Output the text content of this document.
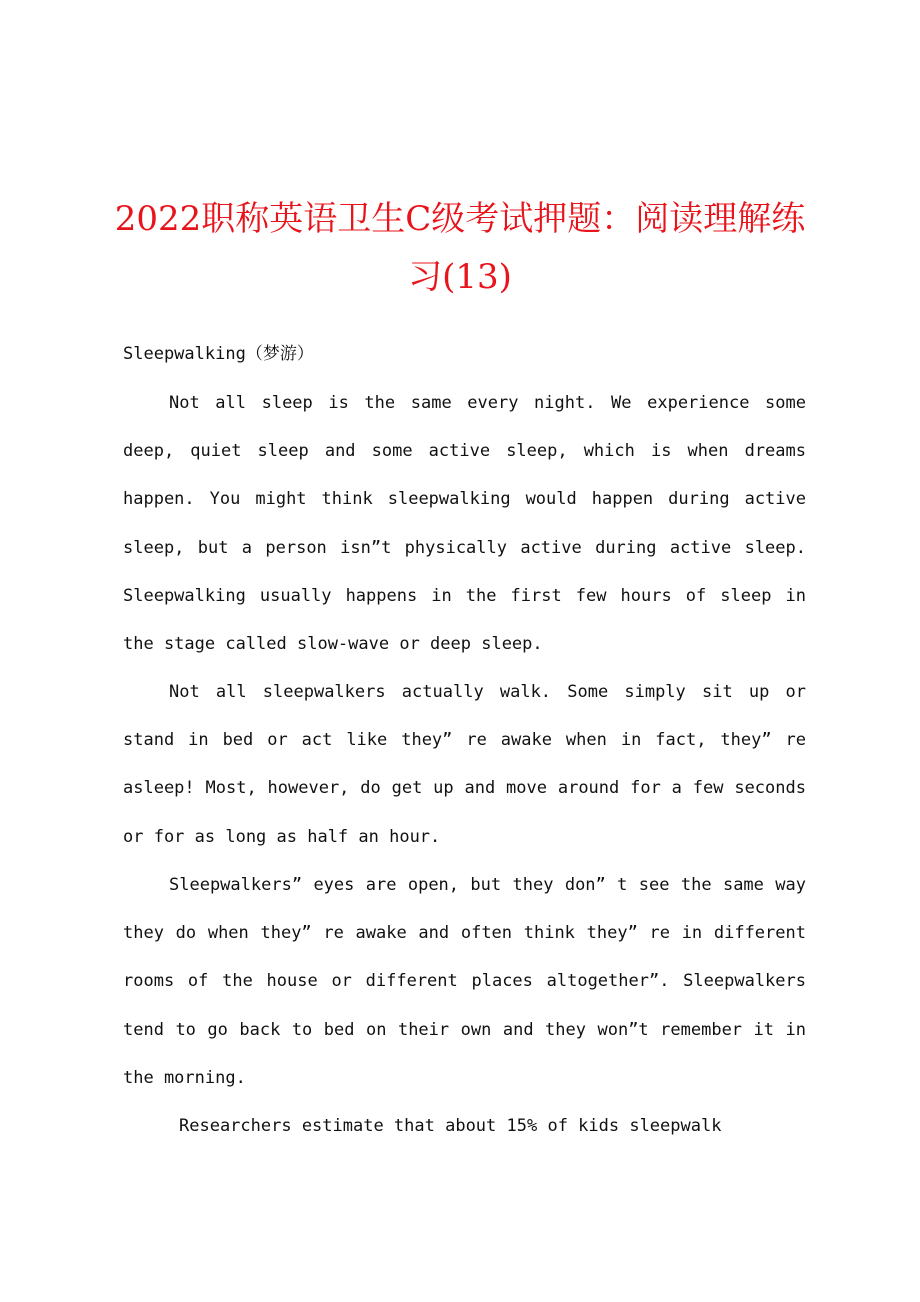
2022职称英语卫生C级考试押题：阅读理解练习(13)

Sleepwalking（梦游）

Not all sleep is the same every night. We experience some deep, quiet sleep and some active sleep, which is when dreams happen. You might think sleepwalking would happen during active sleep, but a person isn”t physically active during active sleep. Sleepwalking usually happens in the first few hours of sleep in the stage called slow-wave or deep sleep.

Not all sleepwalkers actually walk. Some simply sit up or stand in bed or act like they” re awake when in fact, they” re asleep! Most, however, do get up and move around for a few seconds or for as long as half an hour.

Sleepwalkers” eyes are open, but they don” t see the same way they do when they” re awake and often think they” re in different rooms of the house or different places altogether”. Sleepwalkers tend to go back to bed on their own and they won”t remember it in the morning.

Researchers estimate that about 15% of kids sleepwalk
